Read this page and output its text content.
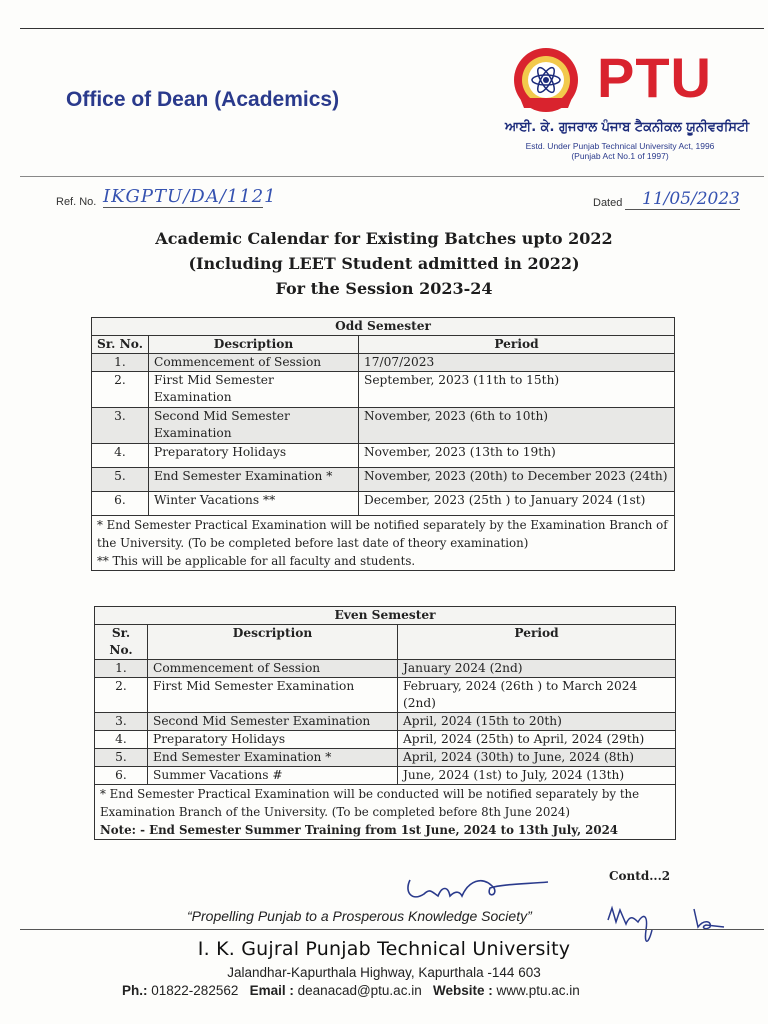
Office of Dean (Academics)	PTU
ਆਈ. ਕੇ. ਗੁਜਰਾਲ ਪੰਜਾਬ ਟੈਕਨੀਕਲ ਯੂਨੀਵਰਸਿਟੀ
Estd. Under Punjab Technical University Act, 1996
(Punjab Act No.1 of 1997)
Ref. No. IKGPTU/DA/1121	Dated	11/05/2023
Academic Calendar for Existing Batches upto 2022
(Including LEET Student admitted in 2022)
For the Session 2023-24
Odd Semester		
Sr. No.	Description	Period
1.	Commencement of Session	17/07/2023
2.	First Mid Semester Examination	September, 2023 (11th to 15th)
3.	Second Mid Semester Examination	November, 2023 (6th to 10th)
4.	Preparatory Holidays	November, 2023 (13th to 19th)
5.	End Semester Examination *	November, 2023 (20th) to December 2023 (24th)
6.	Winter Vacations **	December, 2023 (25th ) to January 2024 (1st)

* End Semester Practical Examination will be notified separately by the Examination Branch of the University. (To be completed before last date of theory examination)
** This will be applicable for all faculty and students.		
Even Semester		
Sr. No.	Description	Period
1.	Commencement of Session	January 2024 (2nd)
2.	First Mid Semester Examination	February, 2024 (26th ) to March 2024 (2nd)
3.	Second Mid Semester Examination	April, 2024 (15th to 20th)
4.	Preparatory Holidays	April, 2024 (25th) to April, 2024 (29th)
5.	End Semester Examination *	April, 2024 (30th) to June, 2024 (8th)
6.	Summer Vacations #	June, 2024 (1st) to July, 2024 (13th)

* End Semester Practical Examination will be conducted will be notified separately by the Examination Branch of the University. (To be completed before 8th June 2024)
Note: - End Semester Summer Training from 1st June, 2024 to 13th July, 2024		
Contd...2
“Propelling Punjab to a Prosperous Knowledge Society”
I. K. Gujral Punjab Technical University
Jalandhar-Kapurthala Highway, Kapurthala -144 603
Ph.: 01822-282562 Email : deanacad@ptu.ac.in Website : www.ptu.ac.in
